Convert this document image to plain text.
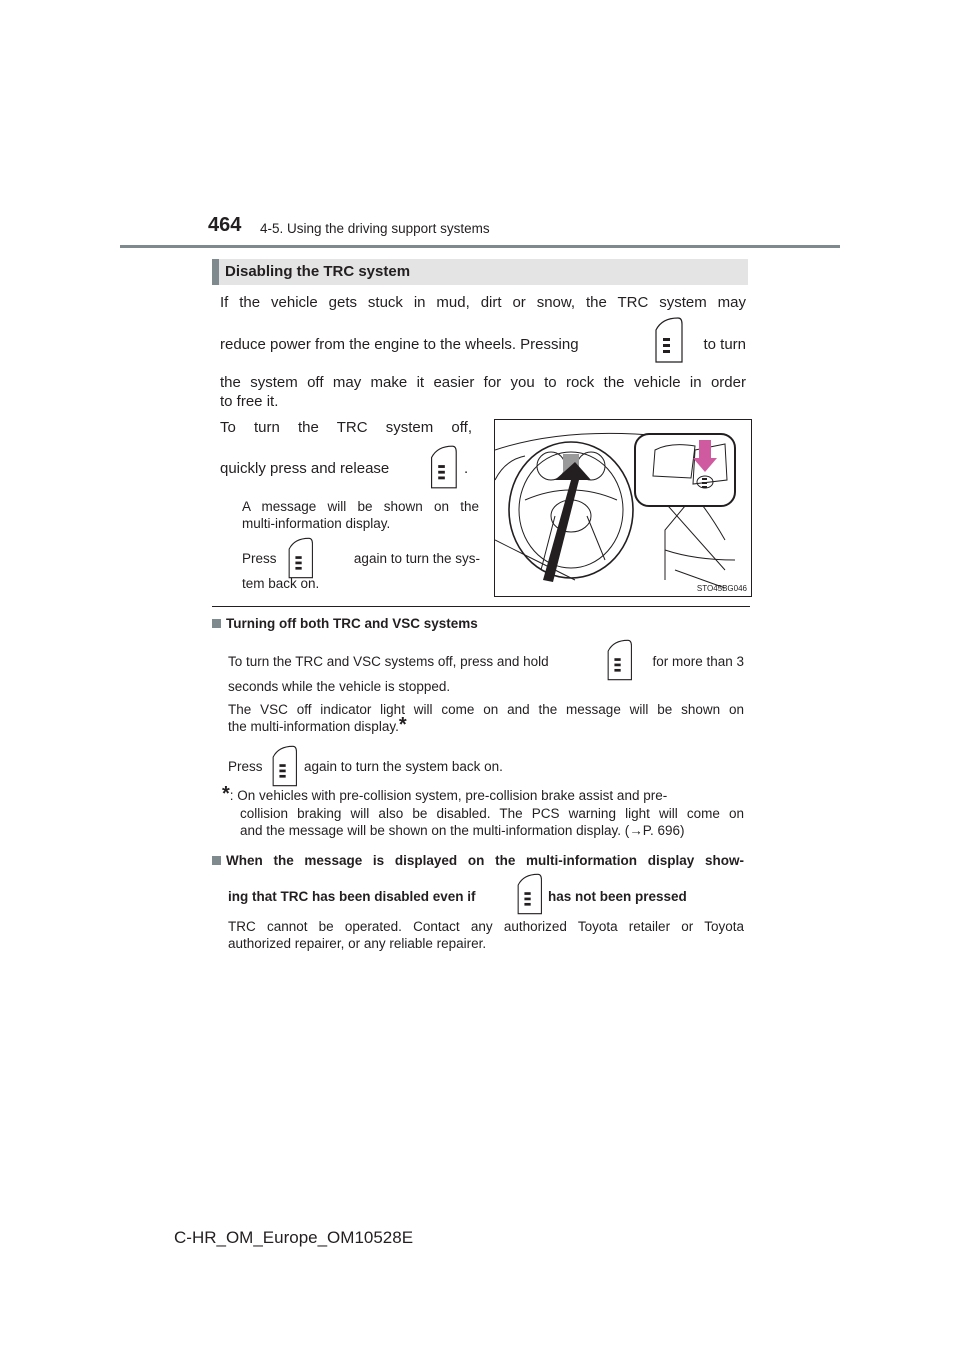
464 4-5. Using the driving support systems
Disabling the TRC system
If the vehicle gets stuck in mud, dirt or snow, the TRC system may
reduce power from the engine to the wheels. Pressing	to turn
the system off may make it easier for you to rock the vehicle in order
to free it.
To turn the TRC system off,
quickly press and release	.
A message will be shown on the
multi-information display.
Press	again to turn the sys-
tem back on.	STO45BG046
Turning off both TRC and VSC systems
To turn the TRC and VSC systems off, press and hold	for more than 3
seconds while the vehicle is stopped.
The VSC off indicator light will come on and the message will be shown on
the multi-information display.*
Press	again to turn the system back on.
*: On vehicles with pre-collision system, pre-collision brake assist and pre-
collision braking will also be disabled. The PCS warning light will come on
and the message will be shown on the multi-information display. (→P. 696)
When the message is displayed on the multi-information display show-
ing that TRC has been disabled even if	has not been pressed
TRC cannot be operated. Contact any authorized Toyota retailer or Toyota
authorized repairer, or any reliable repairer.
C-HR_OM_Europe_OM10528E
